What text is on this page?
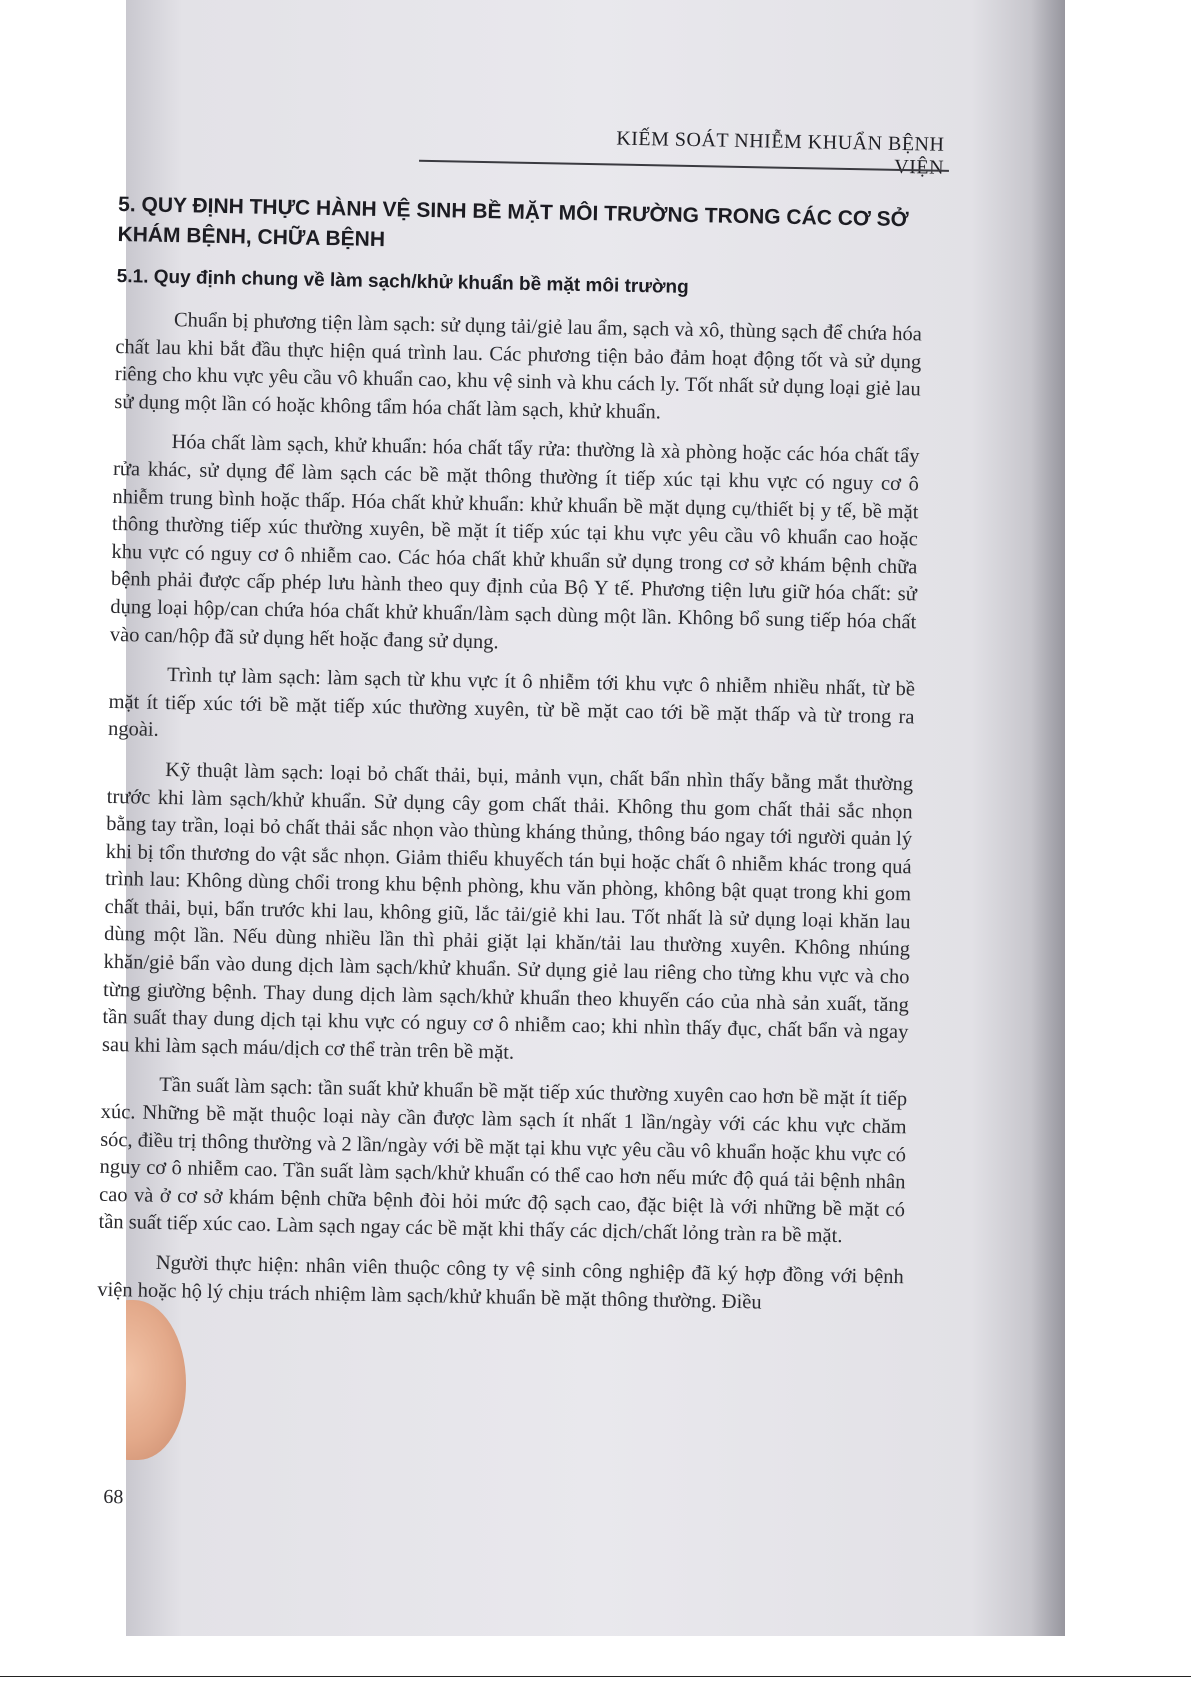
KIẾM SOÁT NHIỄM KHUẨN BỆNH VIỆN
5. QUY ĐỊNH THỰC HÀNH VỆ SINH BỀ MẶT MÔI TRƯỜNG TRONG CÁC CƠ SỞ KHÁM BỆNH, CHỮA BỆNH
5.1. Quy định chung về làm sạch/khử khuẩn bề mặt môi trường

Chuẩn bị phương tiện làm sạch: sử dụng tải/giẻ lau ẩm, sạch và xô, thùng sạch để chứa hóa chất lau khi bắt đầu thực hiện quá trình lau. Các phương tiện bảo đảm hoạt động tốt và sử dụng riêng cho khu vực yêu cầu vô khuẩn cao, khu vệ sinh và khu cách ly. Tốt nhất sử dụng loại giẻ lau sử dụng một lần có hoặc không tẩm hóa chất làm sạch, khử khuẩn.

Hóa chất làm sạch, khử khuẩn: hóa chất tẩy rửa: thường là xà phòng hoặc các hóa chất tẩy rửa khác, sử dụng để làm sạch các bề mặt thông thường ít tiếp xúc tại khu vực có nguy cơ ô nhiễm trung bình hoặc thấp. Hóa chất khử khuẩn: khử khuẩn bề mặt dụng cụ/thiết bị y tế, bề mặt thông thường tiếp xúc thường xuyên, bề mặt ít tiếp xúc tại khu vực yêu cầu vô khuẩn cao hoặc khu vực có nguy cơ ô nhiễm cao. Các hóa chất khử khuẩn sử dụng trong cơ sở khám bệnh chữa bệnh phải được cấp phép lưu hành theo quy định của Bộ Y tế. Phương tiện lưu giữ hóa chất: sử dụng loại hộp/can chứa hóa chất khử khuẩn/làm sạch dùng một lần. Không bổ sung tiếp hóa chất vào can/hộp đã sử dụng hết hoặc đang sử dụng.

Trình tự làm sạch: làm sạch từ khu vực ít ô nhiễm tới khu vực ô nhiễm nhiều nhất, từ bề mặt ít tiếp xúc tới bề mặt tiếp xúc thường xuyên, từ bề mặt cao tới bề mặt thấp và từ trong ra ngoài.

Kỹ thuật làm sạch: loại bỏ chất thải, bụi, mảnh vụn, chất bẩn nhìn thấy bằng mắt thường trước khi làm sạch/khử khuẩn. Sử dụng cây gom chất thải. Không thu gom chất thải sắc nhọn bằng tay trần, loại bỏ chất thải sắc nhọn vào thùng kháng thủng, thông báo ngay tới người quản lý khi bị tổn thương do vật sắc nhọn. Giảm thiểu khuyếch tán bụi hoặc chất ô nhiễm khác trong quá trình lau: Không dùng chổi trong khu bệnh phòng, khu văn phòng, không bật quạt trong khi gom chất thải, bụi, bẩn trước khi lau, không giũ, lắc tải/giẻ khi lau. Tốt nhất là sử dụng loại khăn lau dùng một lần. Nếu dùng nhiều lần thì phải giặt lại khăn/tải lau thường xuyên. Không nhúng khăn/giẻ bẩn vào dung dịch làm sạch/khử khuẩn. Sử dụng giẻ lau riêng cho từng khu vực và cho từng giường bệnh. Thay dung dịch làm sạch/khử khuẩn theo khuyến cáo của nhà sản xuất, tăng tần suất thay dung dịch tại khu vực có nguy cơ ô nhiễm cao; khi nhìn thấy đục, chất bẩn và ngay sau khi làm sạch máu/dịch cơ thể tràn trên bề mặt.

Tần suất làm sạch: tần suất khử khuẩn bề mặt tiếp xúc thường xuyên cao hơn bề mặt ít tiếp xúc. Những bề mặt thuộc loại này cần được làm sạch ít nhất 1 lần/ngày với các khu vực chăm sóc, điều trị thông thường và 2 lần/ngày với bề mặt tại khu vực yêu cầu vô khuẩn hoặc khu vực có nguy cơ ô nhiễm cao. Tần suất làm sạch/khử khuẩn có thể cao hơn nếu mức độ quá tải bệnh nhân cao và ở cơ sở khám bệnh chữa bệnh đòi hỏi mức độ sạch cao, đặc biệt là với những bề mặt có tần suất tiếp xúc cao. Làm sạch ngay các bề mặt khi thấy các dịch/chất lỏng tràn ra bề mặt.

Người thực hiện: nhân viên thuộc công ty vệ sinh công nghiệp đã ký hợp đồng với bệnh viện hoặc hộ lý chịu trách nhiệm làm sạch/khử khuẩn bề mặt thông thường. Điều

68
